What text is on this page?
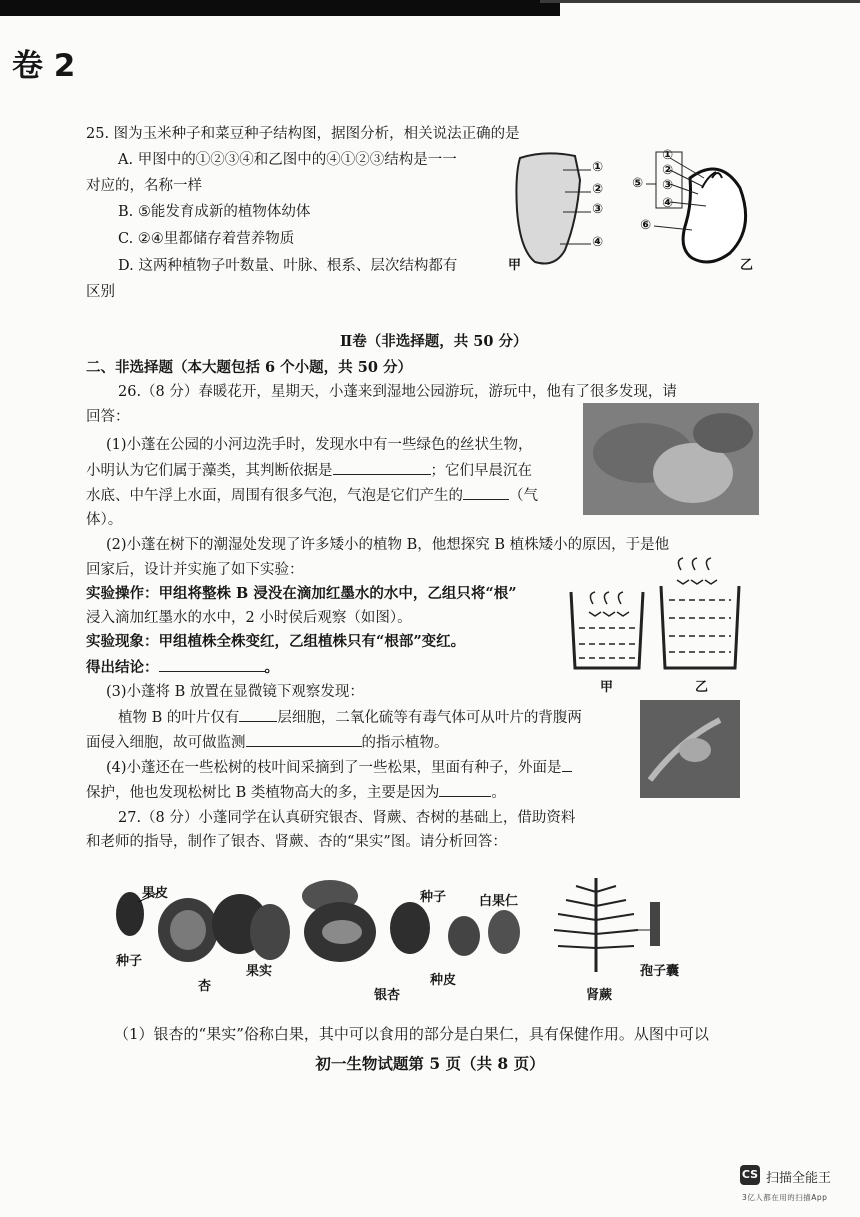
卷 2
25. 图为玉米种子和菜豆种子结构图，据图分析，相关说法正确的是
A. 甲图中的①②③④和乙图中的④①②③结构是一一
对应的，名称一样
B. ⑤能发育成新的植物体幼体
C. ②④里都储存着营养物质
D. 这两种植物子叶数量、叶脉、根系、层次结构都有
区别
①
②
③
④
甲
①
②
③
④
⑤
⑥
乙
Ⅱ卷（非选择题，共 50 分）
二、非选择题（本大题包括 6 个小题，共 50 分）
26.（8 分）春暖花开，星期天，小蓬来到湿地公园游玩，游玩中，他有了很多发现，请
回答：
(1)小蓬在公园的小河边洗手时，发现水中有一些绿色的丝状生物，
小明认为它们属于藻类，其判断依据是	；它们早晨沉在
水底、中午浮上水面，周围有很多气泡，气泡是它们产生的	（气
体）。
(2)小蓬在树下的潮湿处发现了许多矮小的植物 B，他想探究 B 植株矮小的原因，于是他
回家后，设计并实施了如下实验：
实验操作：甲组将整株 B 浸没在滴加红墨水的水中，乙组只将“根”
浸入滴加红墨水的水中，2 小时侯后观察（如图）。
实验现象：甲组植株全株变红，乙组植株只有“根部”变红。
得出结论：	。
甲	乙
(3)小蓬将 B 放置在显微镜下观察发现：
植物 B 的叶片仅有	层细胞，二氧化硫等有毒气体可从叶片的背腹两
面侵入细胞，故可做监测	的指示植物。
(4)小蓬还在一些松树的枝叶间采摘到了一些松果，里面有种子，外面是
保护，他也发现松树比 B 类植物高大的多，主要是因为	。
27.（8 分）小蓬同学在认真研究银杏、肾蕨、杏树的基础上，借助资料
和老师的指导，制作了银杏、肾蕨、杏的“果实”图。请分析回答：
果皮
种子
果实
杏
种子	白果仁
种皮
银杏
孢子囊
肾蕨
（1）银杏的“果实”俗称白果，其中可以食用的部分是白果仁，具有保健作用。从图中可以
初一生物试题第 5 页（共 8 页）
CS 扫描全能王
3亿人都在用的扫描App
